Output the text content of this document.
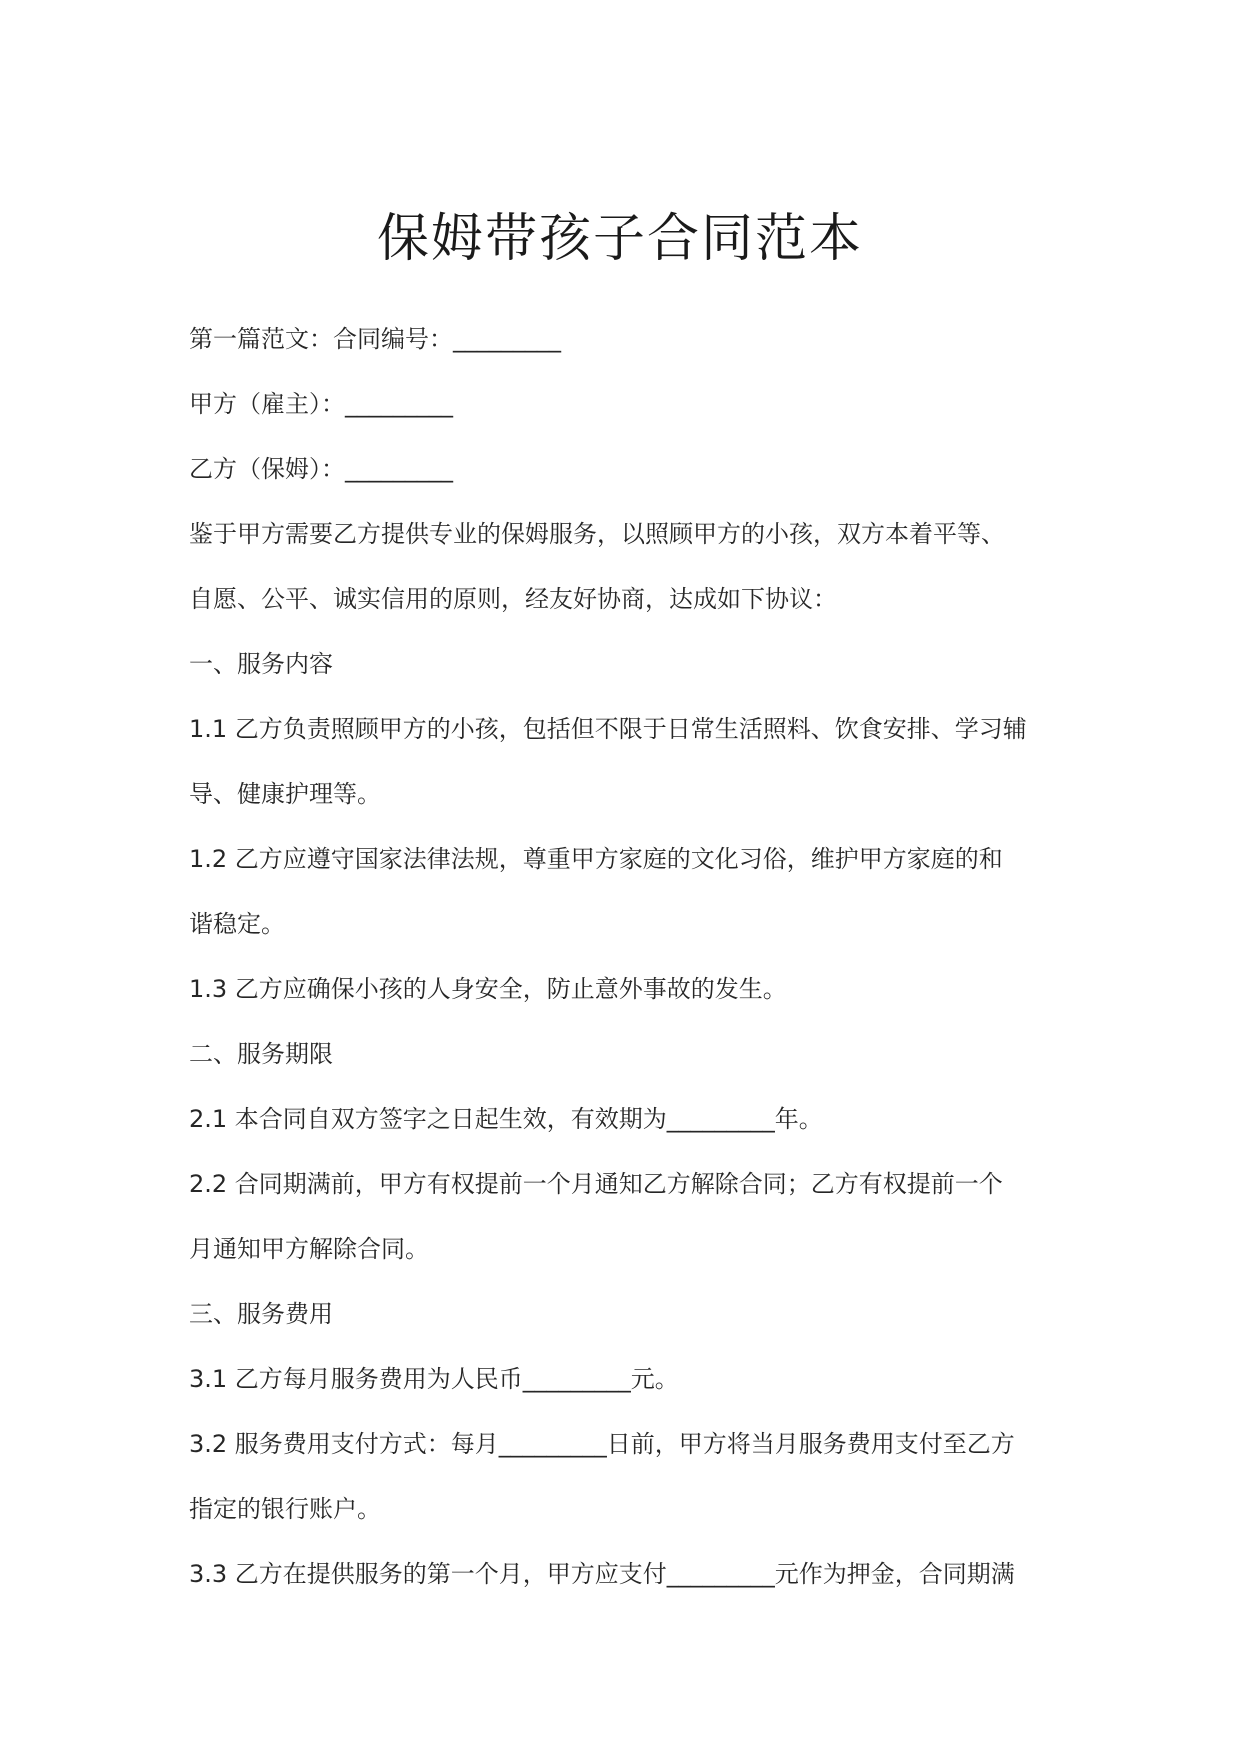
保姆带孩子合同范本
第一篇范文：合同编号：_________
甲方（雇主）：_________
乙方（保姆）：_________
鉴于甲方需要乙方提供专业的保姆服务，以照顾甲方的小孩，双方本着平等、
自愿、公平、诚实信用的原则，经友好协商，达成如下协议：
一、服务内容
1.1 乙方负责照顾甲方的小孩，包括但不限于日常生活照料、饮食安排、学习辅
导、健康护理等。
1.2 乙方应遵守国家法律法规，尊重甲方家庭的文化习俗，维护甲方家庭的和
谐稳定。
1.3 乙方应确保小孩的人身安全，防止意外事故的发生。
二、服务期限
2.1 本合同自双方签字之日起生效，有效期为_________年。
2.2 合同期满前，甲方有权提前一个月通知乙方解除合同；乙方有权提前一个
月通知甲方解除合同。
三、服务费用
3.1 乙方每月服务费用为人民币_________元。
3.2 服务费用支付方式：每月_________日前，甲方将当月服务费用支付至乙方
指定的银行账户。
3.3 乙方在提供服务的第一个月，甲方应支付_________元作为押金，合同期满
